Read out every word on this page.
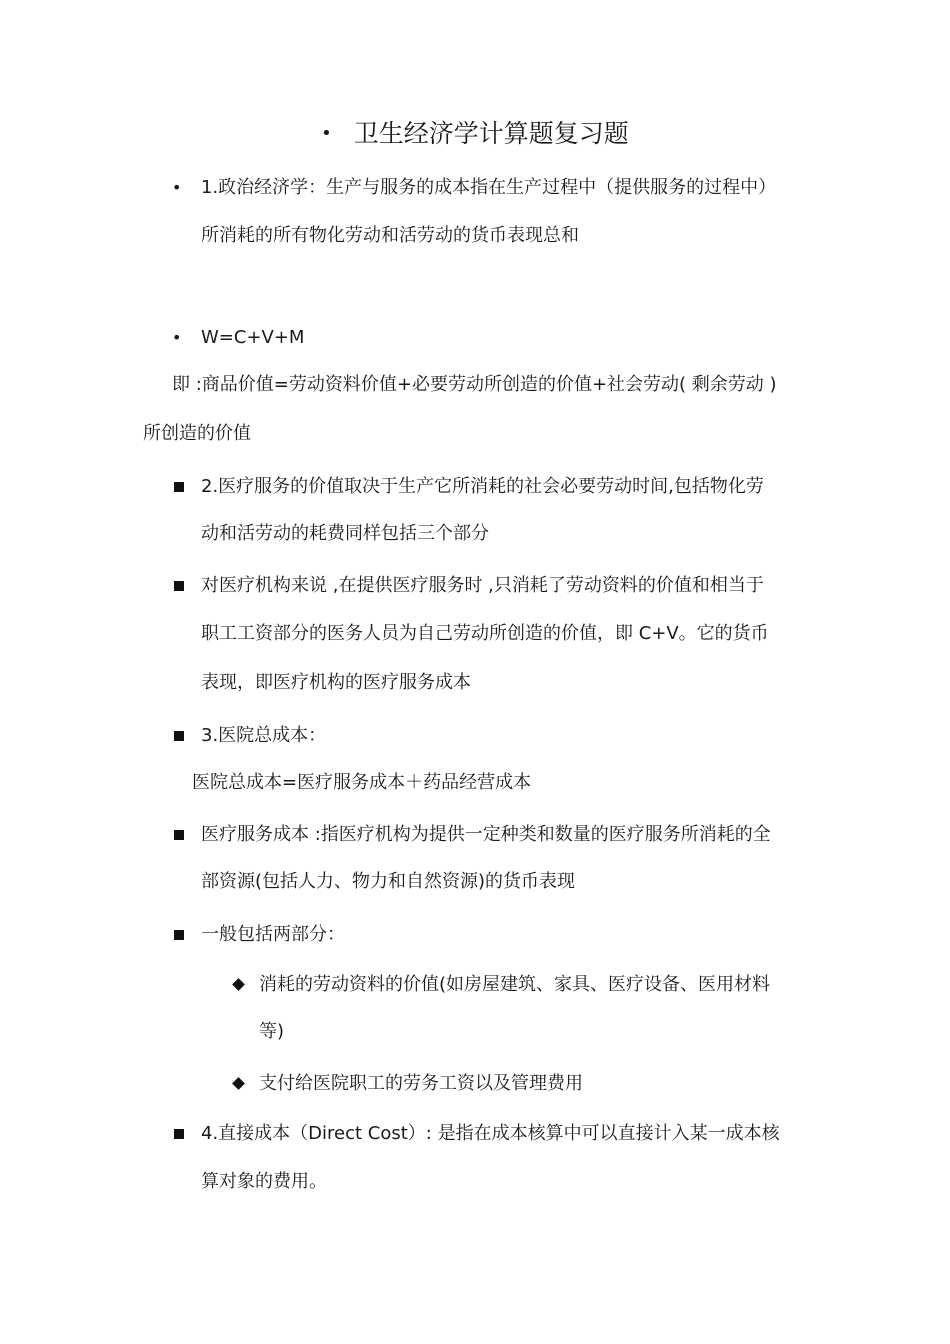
• 卫生经济学计算题复习题
• 1.政治经济学：生产与服务的成本指在生产过程中（提供服务的过程中）
所消耗的所有物化劳动和活劳动的货币表现总和
• W=C+V+M
即 :商品价值=劳动资料价值+必要劳动所创造的价值+社会劳动( 剩余劳动 )
所创造的价值
2.医疗服务的价值取决于生产它所消耗的社会必要劳动时间,包括物化劳
动和活劳动的耗费同样包括三个部分
对医疗机构来说 ,在提供医疗服务时 ,只消耗了劳动资料的价值和相当于
职工工资部分的医务人员为自己劳动所创造的价值，即 C+V。它的货币
表现，即医疗机构的医疗服务成本
3.医院总成本：
医院总成本=医疗服务成本＋药品经营成本
医疗服务成本 :指医疗机构为提供一定种类和数量的医疗服务所消耗的全
部资源(包括人力、物力和自然资源)的货币表现
一般包括两部分：
消耗的劳动资料的价值(如房屋建筑、家具、医疗设备、医用材料
等)
支付给医院职工的劳务工资以及管理费用
4.直接成本（Direct Cost）: 是指在成本核算中可以直接计入某一成本核
算对象的费用。
